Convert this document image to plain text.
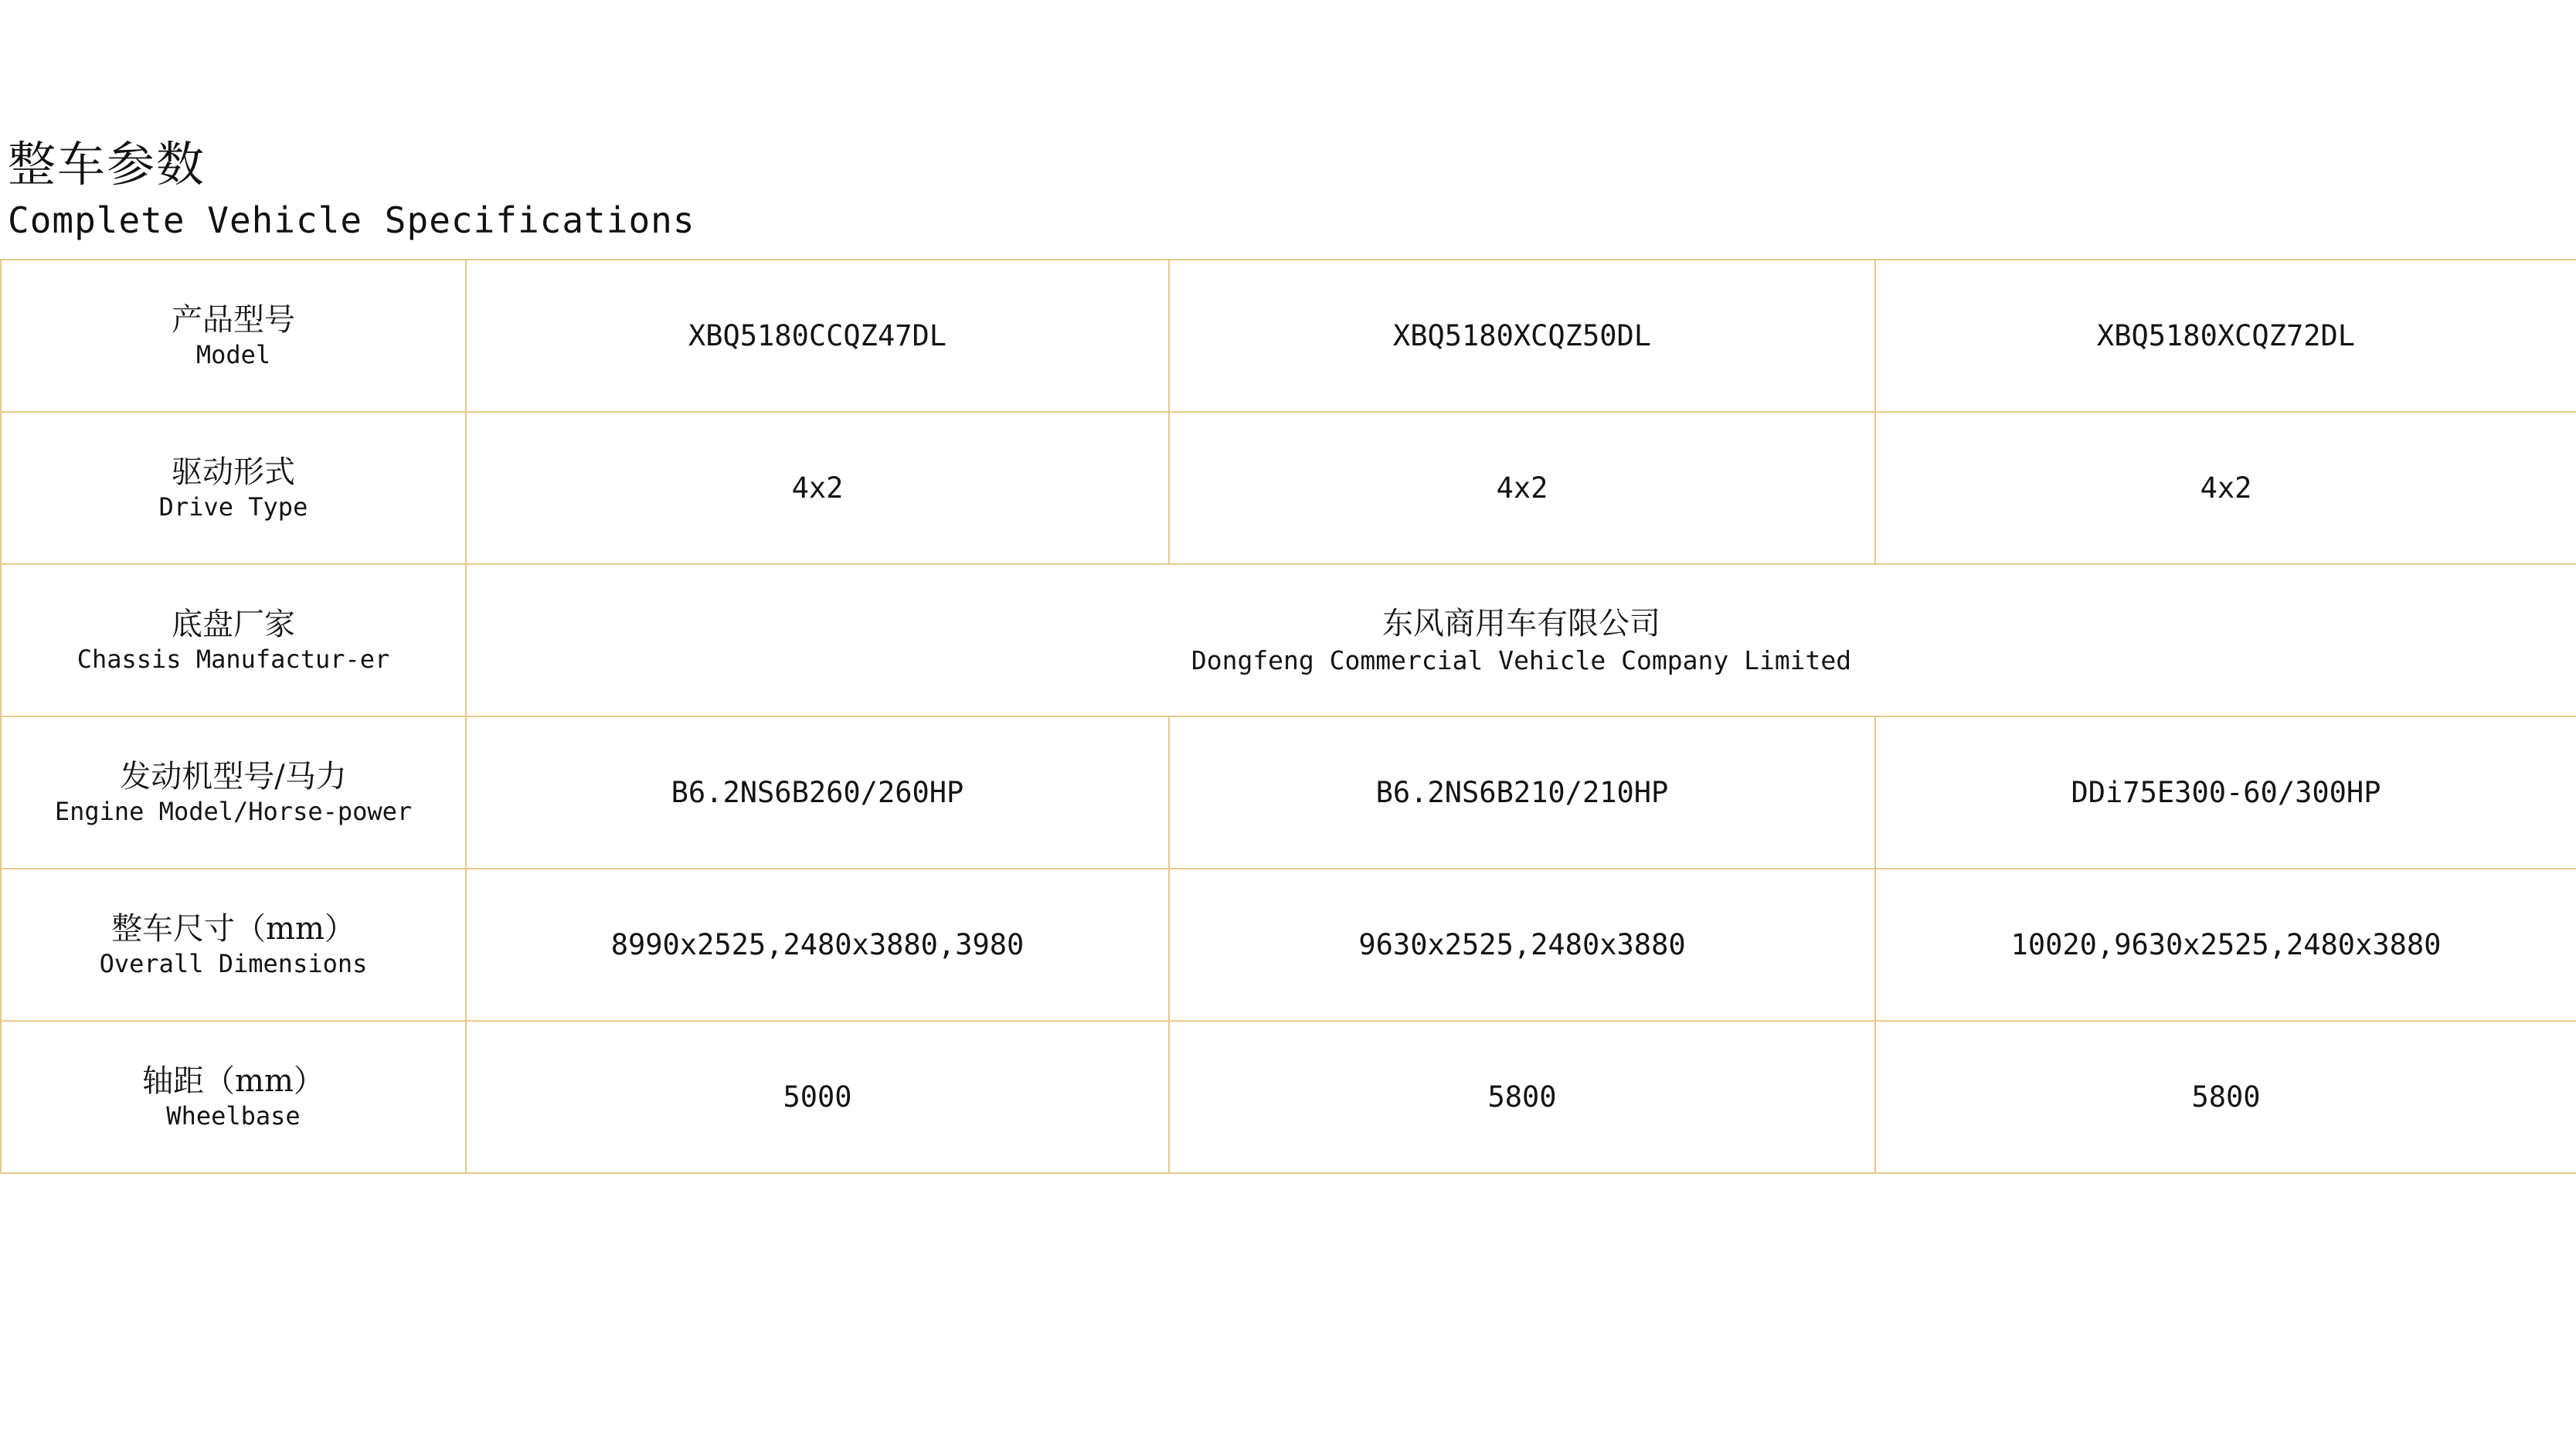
整车参数
Complete Vehicle Specifications
产品型号
Model	XBQ5180CCQZ47DL	XBQ5180XCQZ50DL	XBQ5180XCQZ72DL

驱动形式
Drive Type	4x2	4x2	4x2

底盘厂家
Chassis Manufactur-er	东风商用车有限公司
Dongfeng Commercial Vehicle Company Limited		

发动机型号/马力
Engine Model/Horse-power	B6.2NS6B260/260HP	B6.2NS6B210/210HP	DDi75E300-60/300HP

整车尺寸（mm）
Overall Dimensions	8990x2525,2480x3880,3980	9630x2525,2480x3880	10020,9630x2525,2480x3880

轴距（mm）
Wheelbase	5000	5800	5800
